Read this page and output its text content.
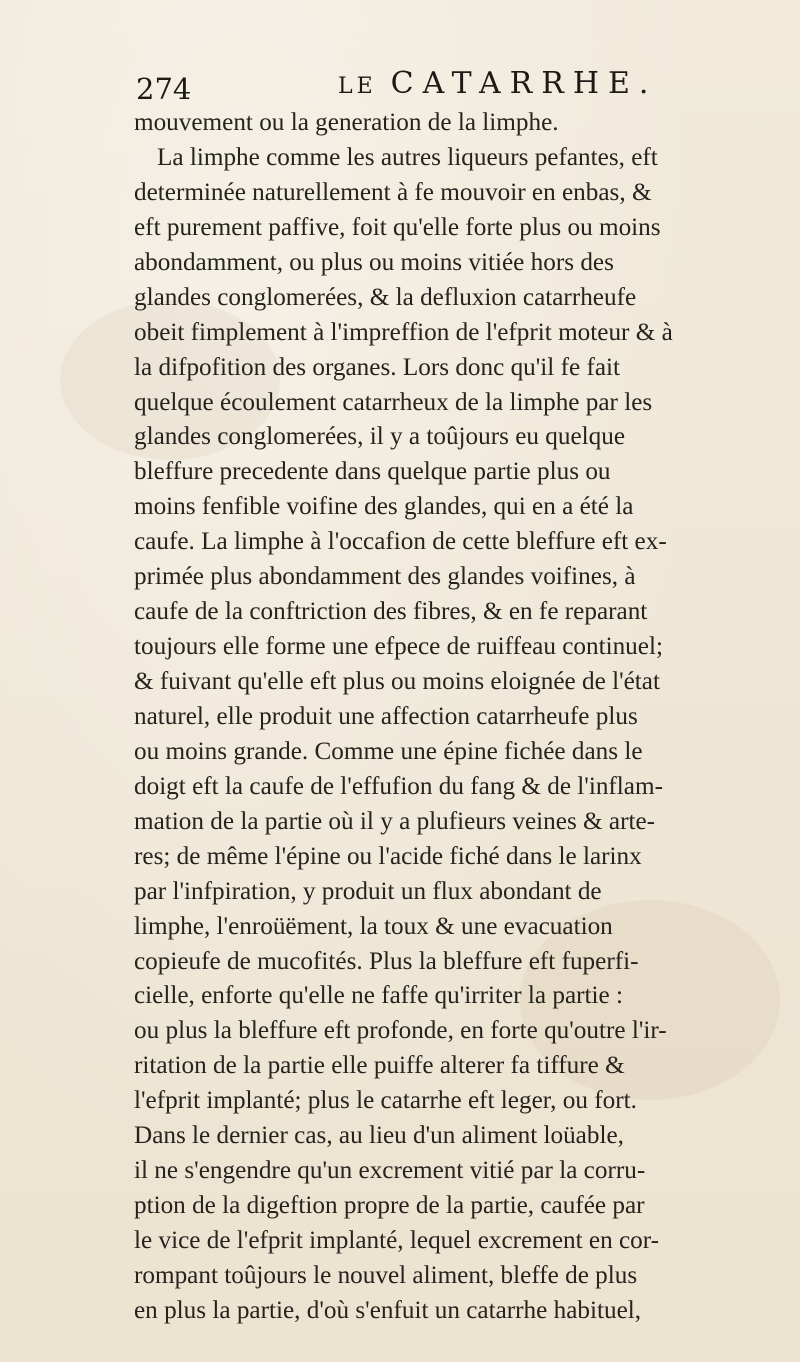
274	LE CATARRHE.
mouvement ou la generation de la limphe.
La limphe comme les autres liqueurs pefantes, eft
determinée naturellement à fe mouvoir en enbas, &
eft purement paffive, foit qu'elle forte plus ou moins
abondamment, ou plus ou moins vitiée hors des
glandes conglomerées, & la defluxion catarrheufe
obeit fimplement à l'impreffion de l'efprit moteur & à
la difpofition des organes. Lors donc qu'il fe fait
quelque écoulement catarrheux de la limphe par les
glandes conglomerées, il y a toûjours eu quelque
bleffure precedente dans quelque partie plus ou
moins fenfible voifine des glandes, qui en a été la
caufe. La limphe à l'occafion de cette bleffure eft ex-
primée plus abondamment des glandes voifines, à
caufe de la conftriction des fibres, & en fe reparant
toujours elle forme une efpece de ruiffeau continuel;
& fuivant qu'elle eft plus ou moins eloignée de l'état
naturel, elle produit une affection catarrheufe plus
ou moins grande. Comme une épine fichée dans le
doigt eft la caufe de l'effufion du fang & de l'inflam-
mation de la partie où il y a plufieurs veines & arte-
res; de même l'épine ou l'acide fiché dans le larinx
par l'infpiration, y produit un flux abondant de
limphe, l'enroüëment, la toux & une evacuation
copieufe de mucofités. Plus la bleffure eft fuperfi-
cielle, enforte qu'elle ne faffe qu'irriter la partie :
ou plus la bleffure eft profonde, en forte qu'outre l'ir-
ritation de la partie elle puiffe alterer fa tiffure &
l'efprit implanté; plus le catarrhe eft leger, ou fort.
Dans le dernier cas, au lieu d'un aliment loüable,
il ne s'engendre qu'un excrement vitié par la corru-
ption de la digeftion propre de la partie, caufée par
le vice de l'efprit implanté, lequel excrement en cor-
rompant toûjours le nouvel aliment, bleffe de plus
en plus la partie, d'où s'enfuit un catarrhe habituel,
